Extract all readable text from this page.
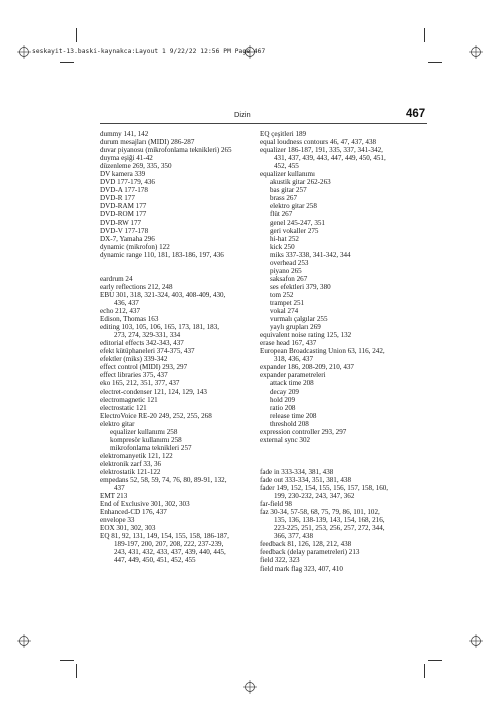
seskayit-13.baski-kaynakca:Layout 1 9/22/22 12:56 PM Page 467
Dizin	467
dummy 141, 142
durum mesajları (MIDI) 286-287
duvar piyanosu (mikrofonlama teknikleri) 265
duyma eşiği 41-42
düzenleme 269, 335, 350
DV kamera 339
DVD 177-179, 436
DVD-A 177-178
DVD-R 177
DVD-RAM 177
DVD-ROM 177
DVD-RW 177
DVD-V 177-178
DX-7, Yamaha 296
dynamic (mikrofon) 122
dynamic range 110, 181, 183-186, 197, 436
eardrum 24
early reflections 212, 248
EBU 301, 318, 321-324, 403, 408-409, 430,
436, 437
echo 212, 437
Edison, Thomas 163
editing 103, 105, 106, 165, 173, 181, 183,
273, 274, 329-331, 334
editorial effects 342-343, 437
efekt kütüphaneleri 374-375, 437
efektler (miks) 339-342
effect control (MIDI) 293, 297
effect libraries 375, 437
eko 165, 212, 351, 377, 437
electret-condenser 121, 124, 129, 143
electromagnetic 121
electrostatic 121
ElectroVoice RE-20 249, 252, 255, 268
elektro gitar
equalizer kullanımı 258
kompresör kullanımı 258
mikrofonlama teknikleri 257
elektromanyetik 121, 122
elektronik zarf 33, 36
elektrostatik 121-122
empedans 52, 58, 59, 74, 76, 80, 89-91, 132,
437
EMT 213
End of Exclusive 301, 302, 303
Enhanced-CD 176, 437
envelope 33
EOX 301, 302, 303
EQ 81, 92, 131, 149, 154, 155, 158, 186-187,
189-197, 200, 207, 208, 222, 237-239,
243, 431, 432, 433, 437, 439, 440, 445,
447, 449, 450, 451, 452, 455
EQ çeşitleri 189
equal loudness contours 46, 47, 437, 438
equalizer 186-187, 191, 335, 337, 341-342,
431, 437, 439, 443, 447, 449, 450, 451,
452, 455
equalizer kullanımı
akustik gitar 262-263
bas gitar 257
brass 267
elektro gitar 258
flüt 267
genel 245-247, 351
geri vokaller 275
hi-hat 252
kick 250
miks 337-338, 341-342, 344
overhead 253
piyano 265
saksafon 267
ses efektleri 379, 380
tom 252
trampet 251
vokal 274
vurmalı çalgılar 255
yaylı grupları 269
equivalent noise rating 125, 132
erase head 167, 437
European Broadcasting Union 63, 116, 242,
318, 436, 437
expander 186, 208-209, 210, 437
expander parametreleri
attack time 208
decay 209
hold 209
ratio 208
release time 208
threshold 208
expression controller 293, 297
external sync 302
fade in 333-334, 381, 438
fade out 333-334, 351, 381, 438
fader 149, 152, 154, 155, 156, 157, 158, 160,
199, 230-232, 243, 347, 362
far-field 98
faz 30-34, 57-58, 68, 75, 79, 86, 101, 102,
135, 136, 138-139, 143, 154, 168, 216,
223-225, 251, 253, 256, 257, 272, 344,
366, 377, 438
feedback 81, 126, 128, 212, 438
feedback (delay parametreleri) 213
field 322, 323
field mark flag 323, 407, 410
